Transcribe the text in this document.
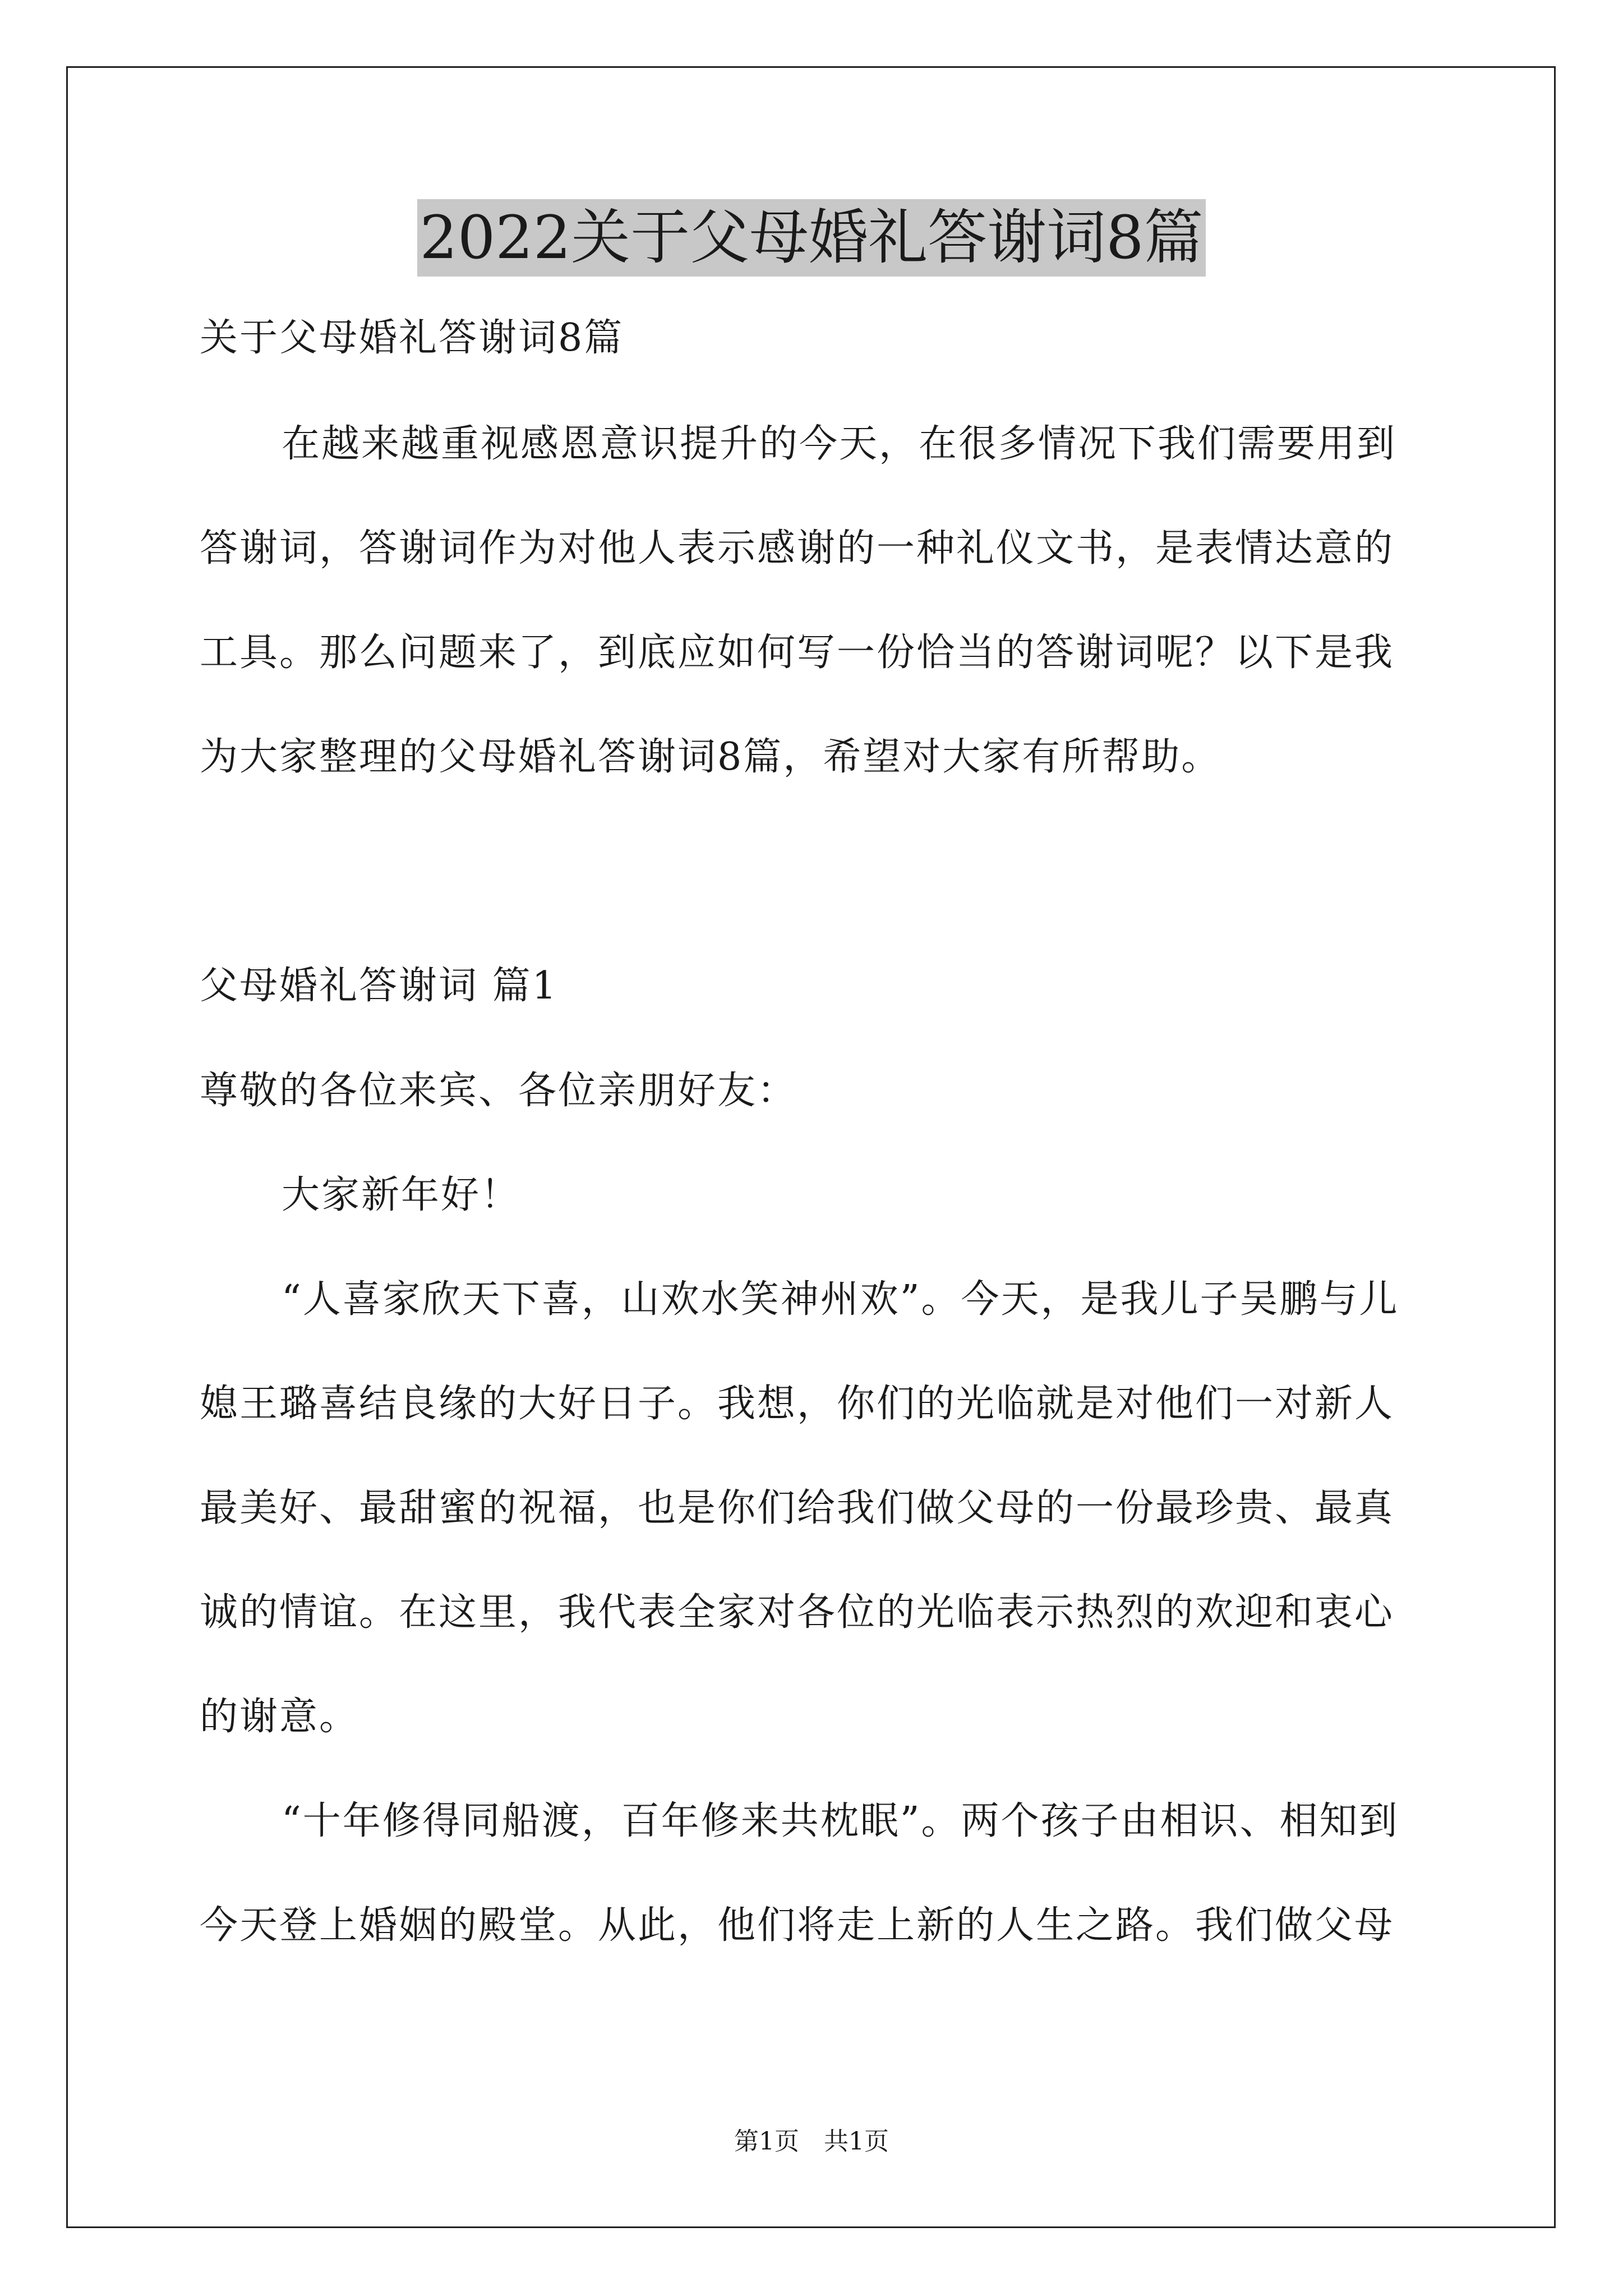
2022关于父母婚礼答谢词8篇
关于父母婚礼答谢词8篇
在越来越重视感恩意识提升的今天，在很多情况下我们需要用到
答谢词，答谢词作为对他人表示感谢的一种礼仪文书，是表情达意的
工具。那么问题来了，到底应如何写一份恰当的答谢词呢？以下是我
为大家整理的父母婚礼答谢词8篇，希望对大家有所帮助。
父母婚礼答谢词 篇1
尊敬的各位来宾、各位亲朋好友：
大家新年好！
“人喜家欣天下喜，山欢水笑神州欢”。今天，是我儿子吴鹏与儿
媳王璐喜结良缘的大好日子。我想，你们的光临就是对他们一对新人
最美好、最甜蜜的祝福，也是你们给我们做父母的一份最珍贵、最真
诚的情谊。在这里，我代表全家对各位的光临表示热烈的欢迎和衷心
的谢意。
“十年修得同船渡，百年修来共枕眠”。两个孩子由相识、相知到
今天登上婚姻的殿堂。从此，他们将走上新的人生之路。我们做父母
第1页　共1页
